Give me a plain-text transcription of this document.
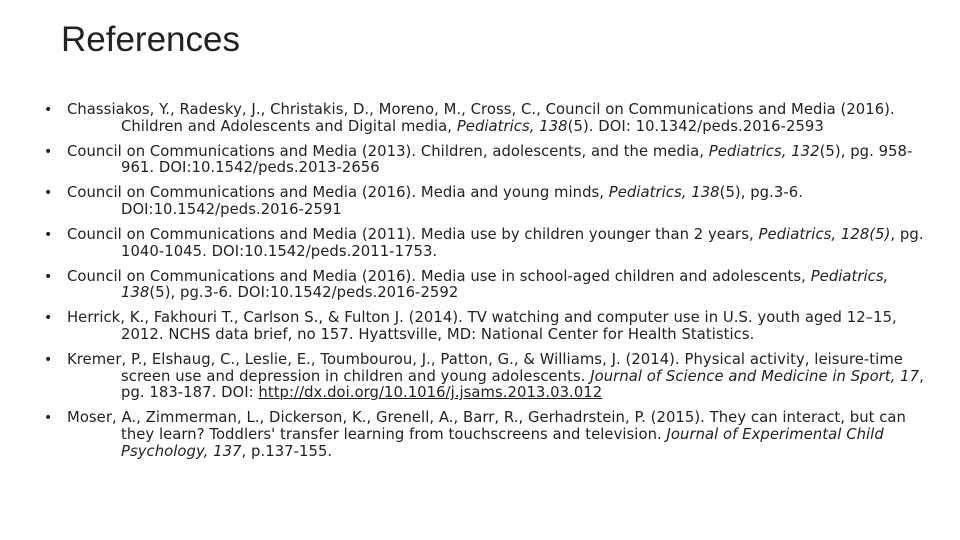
References
• Chassiakos, Y., Radesky, J., Christakis, D., Moreno, M., Cross, C., Council on Communications and Media (2016). Children and Adolescents and Digital media, Pediatrics, 138(5). DOI: 10.1342/peds.2016-2593
• Council on Communications and Media (2013). Children, adolescents, and the media, Pediatrics, 132(5), pg. 958-961. DOI:10.1542/peds.2013-2656
• Council on Communications and Media (2016). Media and young minds, Pediatrics, 138(5), pg.3-6. DOI:10.1542/peds.2016-2591
• Council on Communications and Media (2011). Media use by children younger than 2 years, Pediatrics, 128(5), pg. 1040-1045. DOI:10.1542/peds.2011-1753.
• Council on Communications and Media (2016). Media use in school-aged children and adolescents, Pediatrics, 138(5), pg.3-6. DOI:10.1542/peds.2016-2592
• Herrick, K., Fakhouri T., Carlson S., & Fulton J. (2014). TV watching and computer use in U.S. youth aged 12–15, 2012. NCHS data brief, no 157. Hyattsville, MD: National Center for Health Statistics.
• Kremer, P., Elshaug, C., Leslie, E., Toumbourou, J., Patton, G., & Williams, J. (2014). Physical activity, leisure-time screen use and depression in children and young adolescents. Journal of Science and Medicine in Sport, 17, pg. 183-187. DOI: http://dx.doi.org/10.1016/j.jsams.2013.03.012
• Moser, A., Zimmerman, L., Dickerson, K., Grenell, A., Barr, R., Gerhadrstein, P. (2015). They can interact, but can they learn? Toddlers' transfer learning from touchscreens and television. Journal of Experimental Child Psychology, 137, p.137-155.
